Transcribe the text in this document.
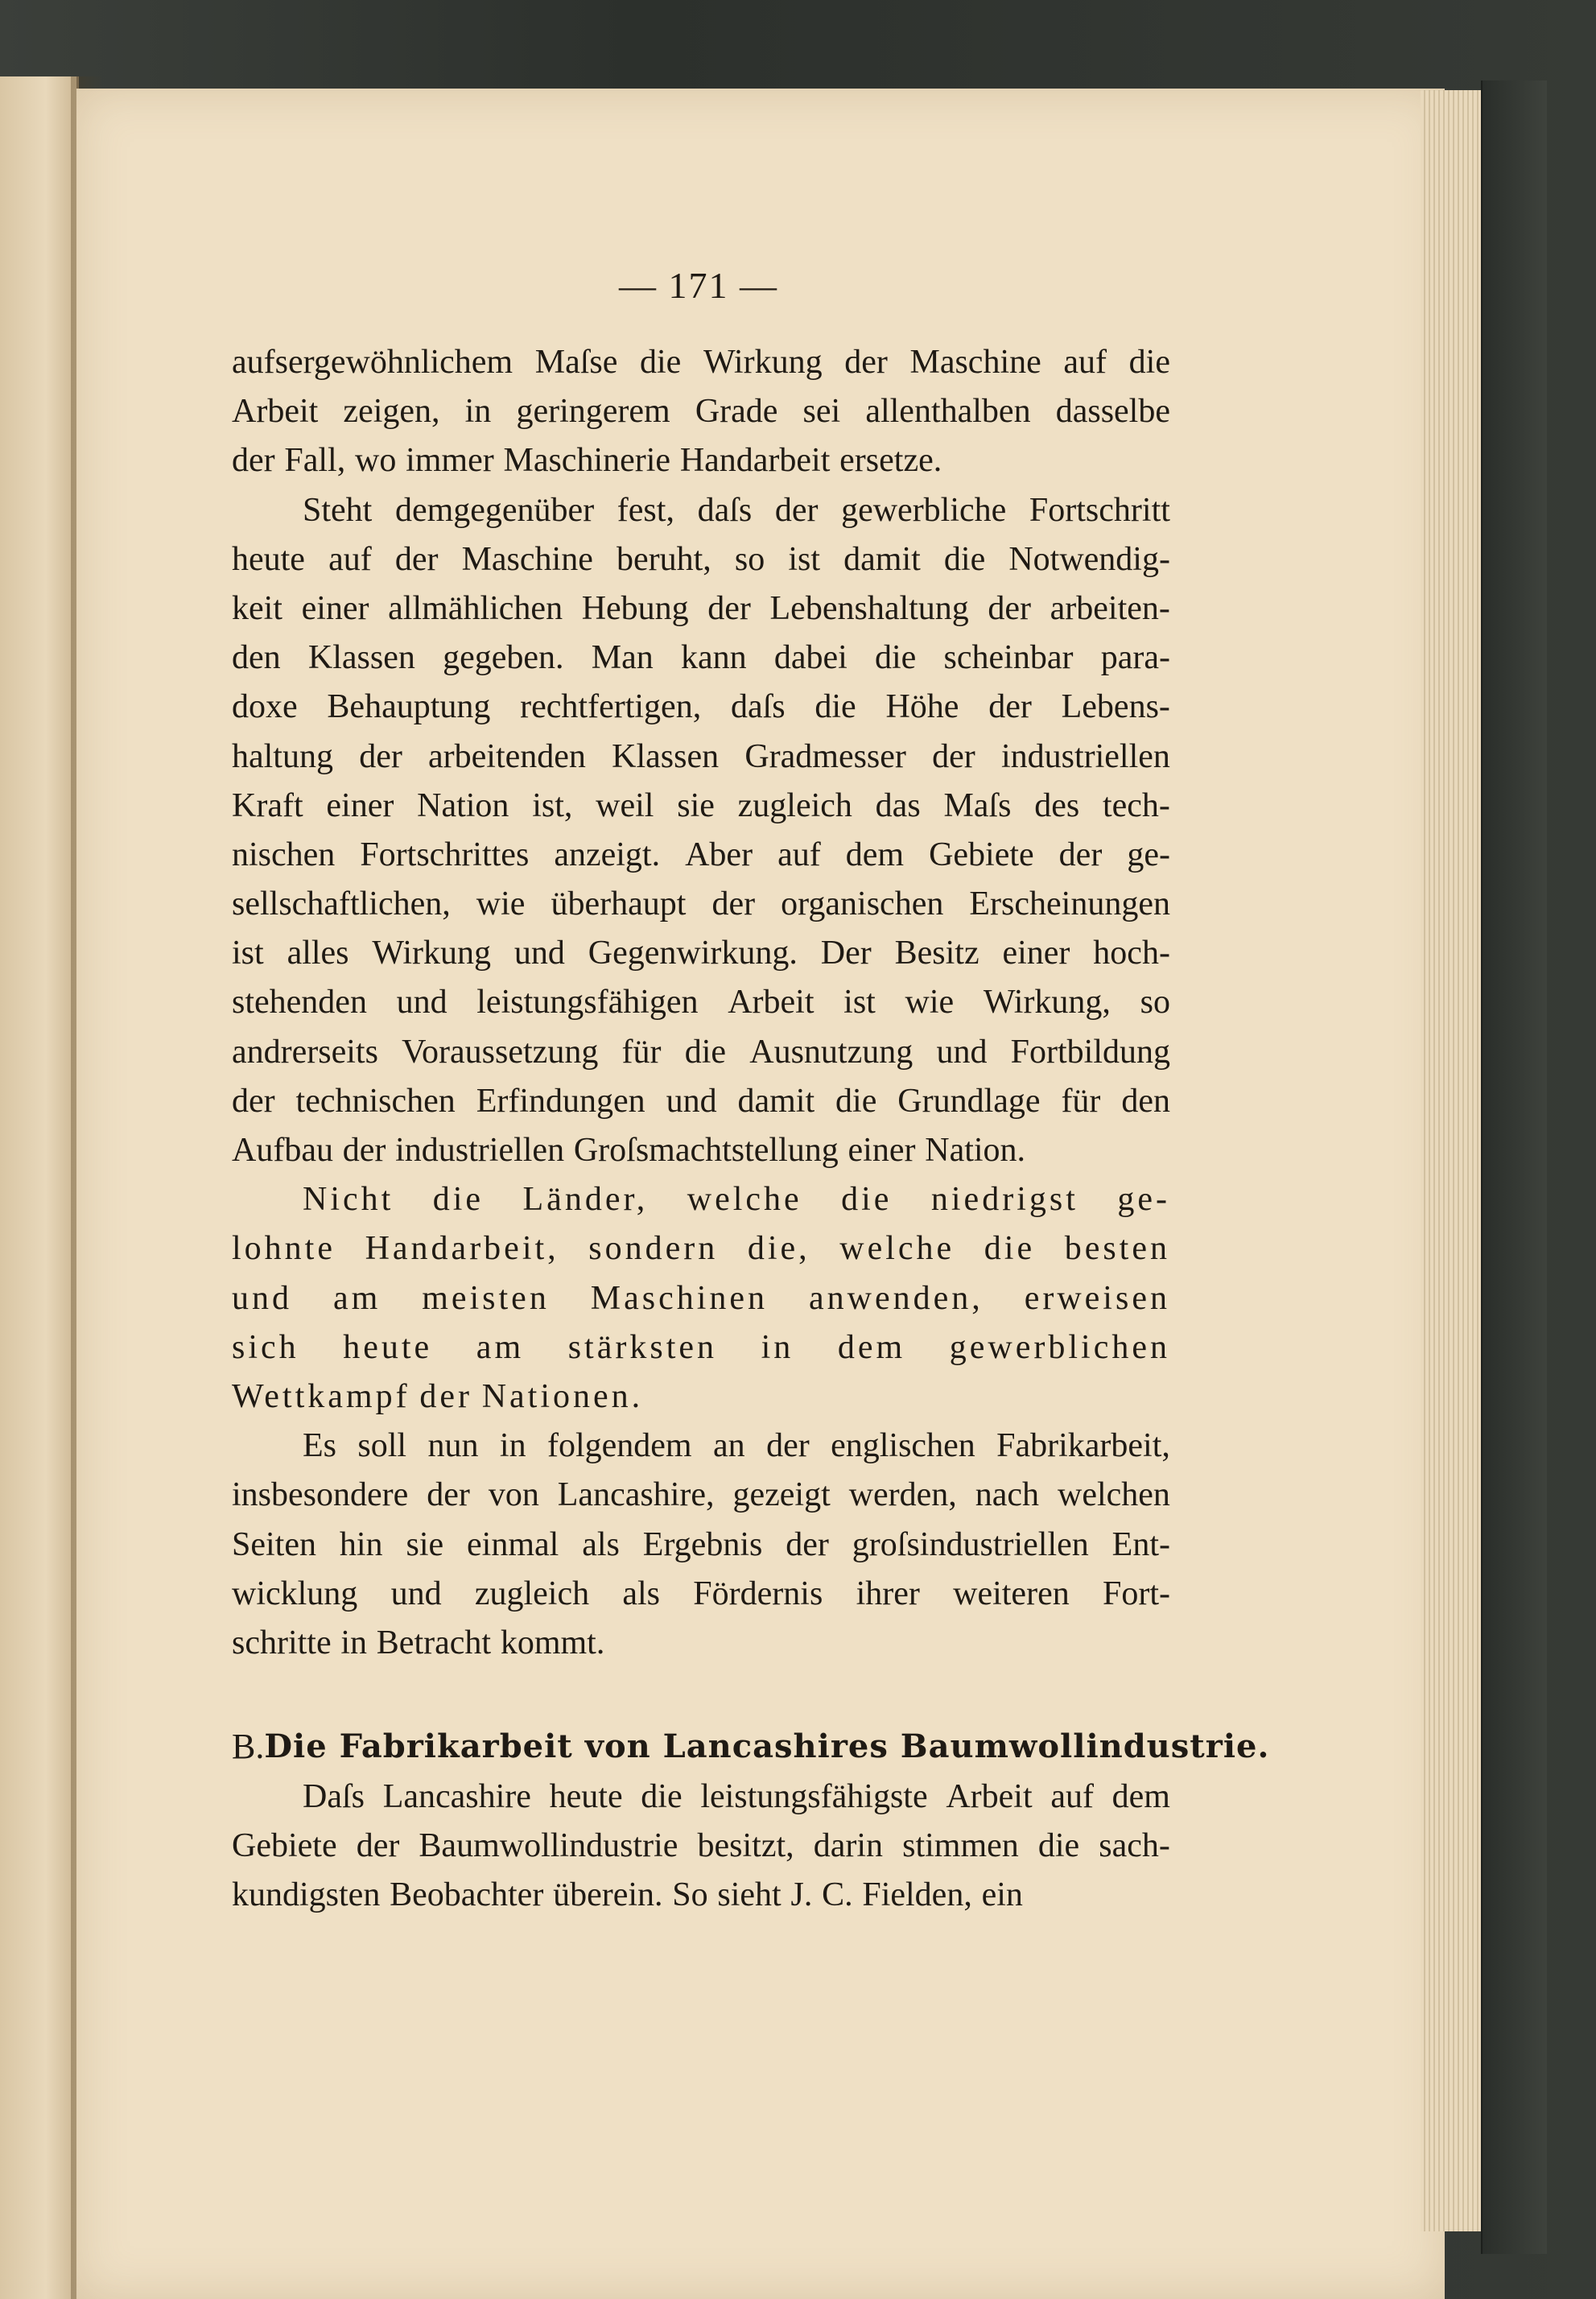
— 171 —
aufsergewöhnlichem Maſse die Wirkung der Maschine auf die
Arbeit zeigen, in geringerem Grade sei allenthalben dasselbe
der Fall, wo immer Maschinerie Handarbeit ersetze.
Steht demgegenüber fest, daſs der gewerbliche Fortschritt
heute auf der Maschine beruht, so ist damit die Notwendig-
keit einer allmählichen Hebung der Lebenshaltung der arbeiten-
den Klassen gegeben. Man kann dabei die scheinbar para-
doxe Behauptung rechtfertigen, daſs die Höhe der Lebens-
haltung der arbeitenden Klassen Gradmesser der industriellen
Kraft einer Nation ist, weil sie zugleich das Maſs des tech-
nischen Fortschrittes anzeigt. Aber auf dem Gebiete der ge-
sellschaftlichen, wie überhaupt der organischen Erscheinungen
ist alles Wirkung und Gegenwirkung. Der Besitz einer hoch-
stehenden und leistungsfähigen Arbeit ist wie Wirkung, so
andrerseits Voraussetzung für die Ausnutzung und Fortbildung
der technischen Erfindungen und damit die Grundlage für den
Aufbau der industriellen Groſsmachtstellung einer Nation.
Nicht die Länder, welche die niedrigst ge-
lohnte Handarbeit, sondern die, welche die besten
und am meisten Maschinen anwenden, erweisen
sich heute am stärksten in dem gewerblichen
Wettkampf der Nationen.
Es soll nun in folgendem an der englischen Fabrikarbeit,
insbesondere der von Lancashire, gezeigt werden, nach welchen
Seiten hin sie einmal als Ergebnis der groſsindustriellen Ent-
wicklung und zugleich als Fördernis ihrer weiteren Fort-
schritte in Betracht kommt.
B. Die Fabrikarbeit von Lancashires Baumwollindustrie.
Daſs Lancashire heute die leistungsfähigste Arbeit auf dem
Gebiete der Baumwollindustrie besitzt, darin stimmen die sach-
kundigsten Beobachter überein. So sieht J. C. Fielden, ein
